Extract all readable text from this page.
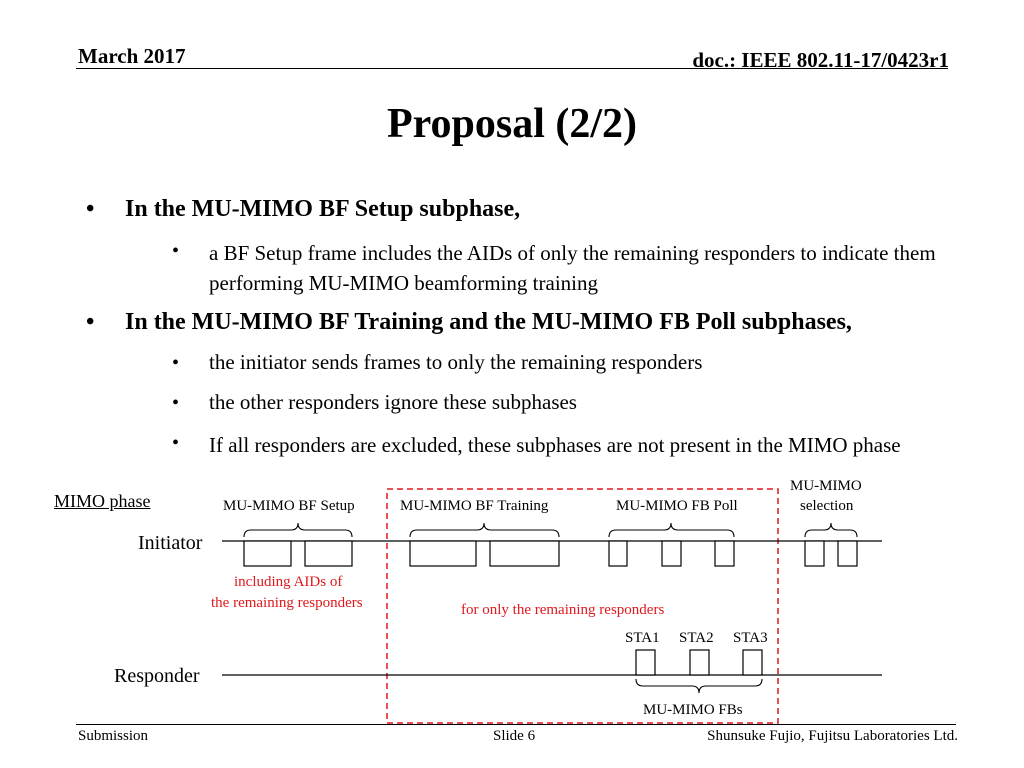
March 2017	doc.: IEEE 802.11-17/0423r1
Proposal (2/2)
• In the MU-MIMO BF Setup subphase,
• a BF Setup frame includes the AIDs of only the remaining responders to indicate them performing MU-MIMO beamforming training
• In the MU-MIMO BF Training and the MU-MIMO FB Poll subphases,
• the initiator sends frames to only the remaining responders
• the other responders ignore these subphases
• If all responders are excluded, these subphases are not present in the MIMO phase
MIMO phase
Initiator
Responder
MU-MIMO BF Setup	MU-MIMO BF Training	MU-MIMO FB Poll
MU-MIMO
selection
including AIDs of
the remaining responders	for only the remaining responders
STA1 STA2 STA3
MU-MIMO FBs
Submission	Slide 6	Shunsuke Fujio, Fujitsu Laboratories Ltd.
